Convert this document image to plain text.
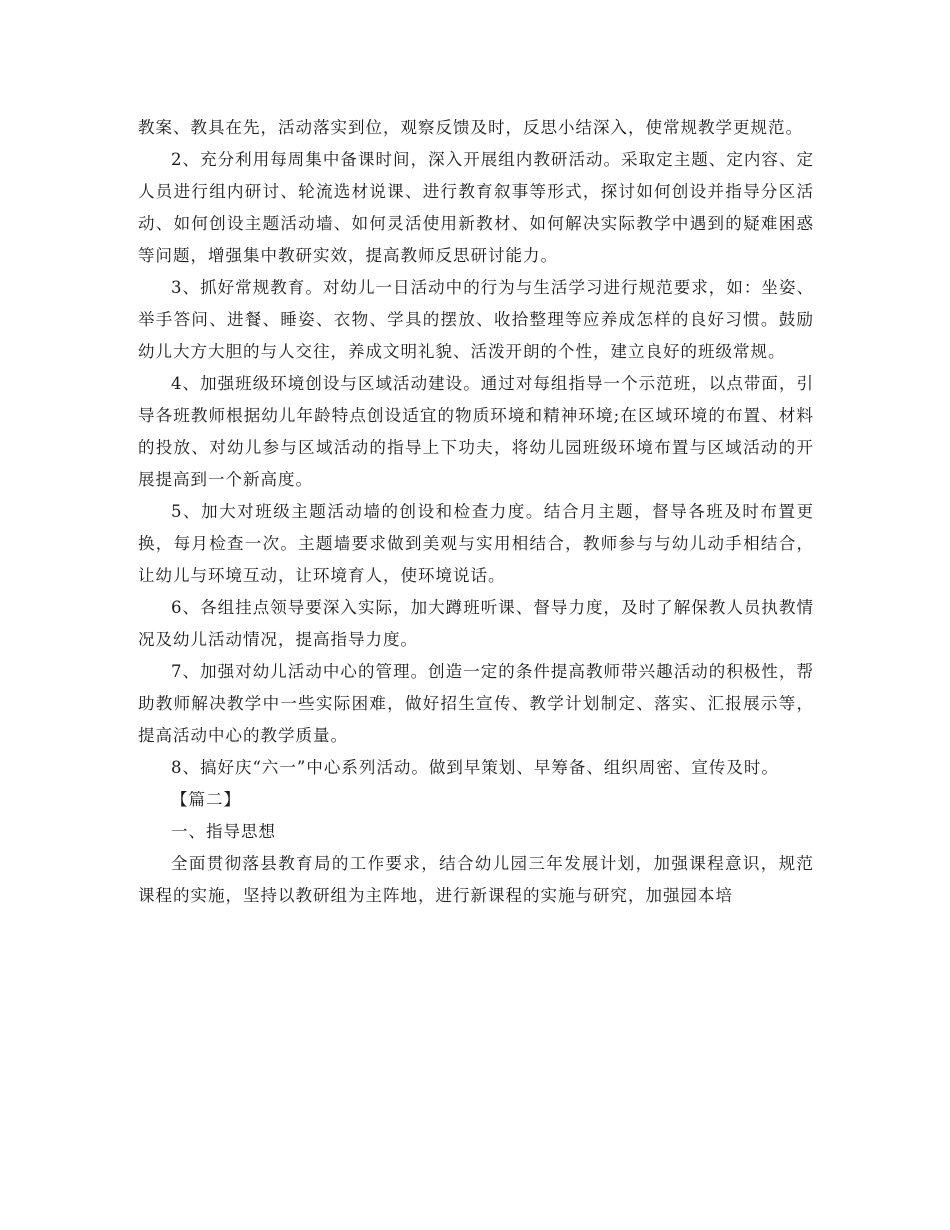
教案、教具在先，活动落实到位，观察反馈及时，反思小结深入，使常规教学更规范。

2、充分利用每周集中备课时间，深入开展组内教研活动。采取定主题、定内容、定人员进行组内研讨、轮流选材说课、进行教育叙事等形式，探讨如何创设并指导分区活动、如何创设主题活动墙、如何灵活使用新教材、如何解决实际教学中遇到的疑难困惑等问题，增强集中教研实效，提高教师反思研讨能力。

3、抓好常规教育。对幼儿一日活动中的行为与生活学习进行规范要求，如：坐姿、举手答问、进餐、睡姿、衣物、学具的摆放、收拾整理等应养成怎样的良好习惯。鼓励幼儿大方大胆的与人交往，养成文明礼貌、活泼开朗的个性，建立良好的班级常规。

4、加强班级环境创设与区域活动建设。通过对每组指导一个示范班，以点带面，引导各班教师根据幼儿年龄特点创设适宜的物质环境和精神环境;在区域环境的布置、材料的投放、对幼儿参与区域活动的指导上下功夫，将幼儿园班级环境布置与区域活动的开展提高到一个新高度。

5、加大对班级主题活动墙的创设和检查力度。结合月主题，督导各班及时布置更换，每月检查一次。主题墙要求做到美观与实用相结合，教师参与与幼儿动手相结合，让幼儿与环境互动，让环境育人，使环境说话。

6、各组挂点领导要深入实际，加大蹲班听课、督导力度，及时了解保教人员执教情况及幼儿活动情况，提高指导力度。

7、加强对幼儿活动中心的管理。创造一定的条件提高教师带兴趣活动的积极性，帮助教师解决教学中一些实际困难，做好招生宣传、教学计划制定、落实、汇报展示等，提高活动中心的教学质量。

8、搞好庆“六一”中心系列活动。做到早策划、早筹备、组织周密、宣传及时。

【篇二】

一、指导思想

全面贯彻落县教育局的工作要求，结合幼儿园三年发展计划，加强课程意识，规范课程的实施，坚持以教研组为主阵地，进行新课程的实施与研究，加强园本培
